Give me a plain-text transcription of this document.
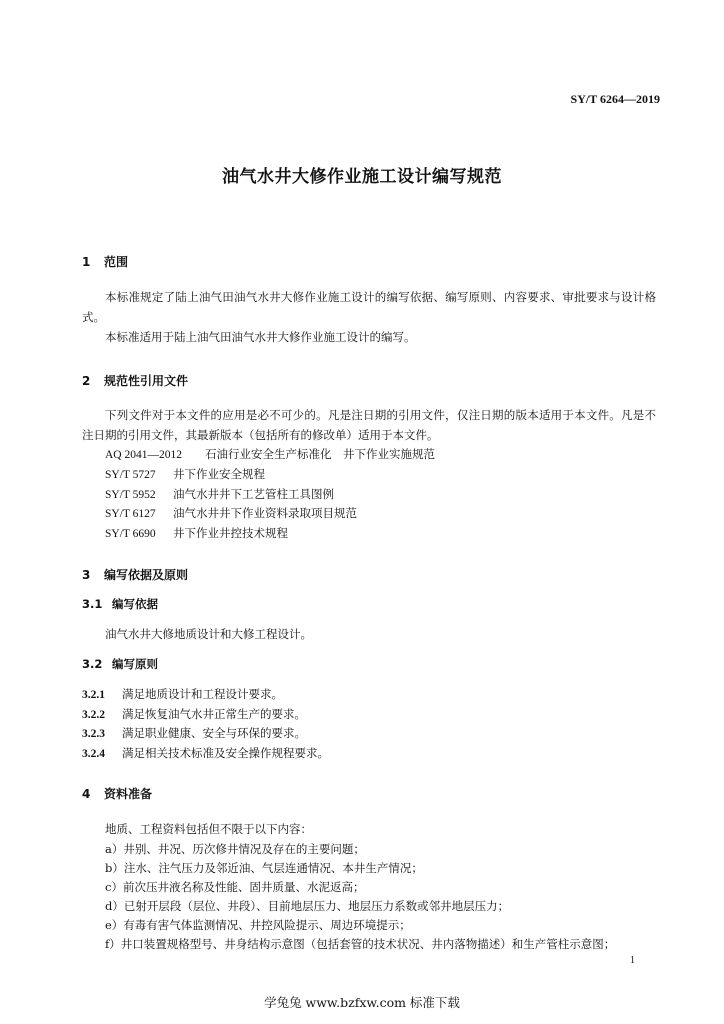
SY/T 6264—2019
油气水井大修作业施工设计编写规范
1 范围
本标准规定了陆上油气田油气水井大修作业施工设计的编写依据、编写原则、内容要求、审批要求与设计格式。
本标准适用于陆上油气田油气水井大修作业施工设计的编写。
2 规范性引用文件
下列文件对于本文件的应用是必不可少的。凡是注日期的引用文件，仅注日期的版本适用于本文件。凡是不注日期的引用文件，其最新版本（包括所有的修改单）适用于本文件。
AQ 2041—2012 石油行业安全生产标准化　井下作业实施规范
SY/T 5727 井下作业安全规程
SY/T 5952 油气水井井下工艺管柱工具图例
SY/T 6127 油气水井井下作业资料录取项目规范
SY/T 6690 井下作业井控技术规程
3 编写依据及原则
3.1 编写依据
油气水井大修地质设计和大修工程设计。
3.2 编写原则
3.2.1 满足地质设计和工程设计要求。
3.2.2 满足恢复油气水井正常生产的要求。
3.2.3 满足职业健康、安全与环保的要求。
3.2.4 满足相关技术标准及安全操作规程要求。
4 资料准备
地质、工程资料包括但不限于以下内容：
a）井别、井况、历次修井情况及存在的主要问题；
b）注水、注气压力及邻近油、气层连通情况、本井生产情况；
c）前次压井液名称及性能、固井质量、水泥返高；
d）已射开层段（层位、井段）、目前地层压力、地层压力系数或邻井地层压力；
e）有毒有害气体监测情况、井控风险提示、周边环境提示；
f）井口装置规格型号、井身结构示意图（包括套管的技术状况、井内落物描述）和生产管柱示意图；
1
学兔兔 www.bzfxw.com 标准下载
